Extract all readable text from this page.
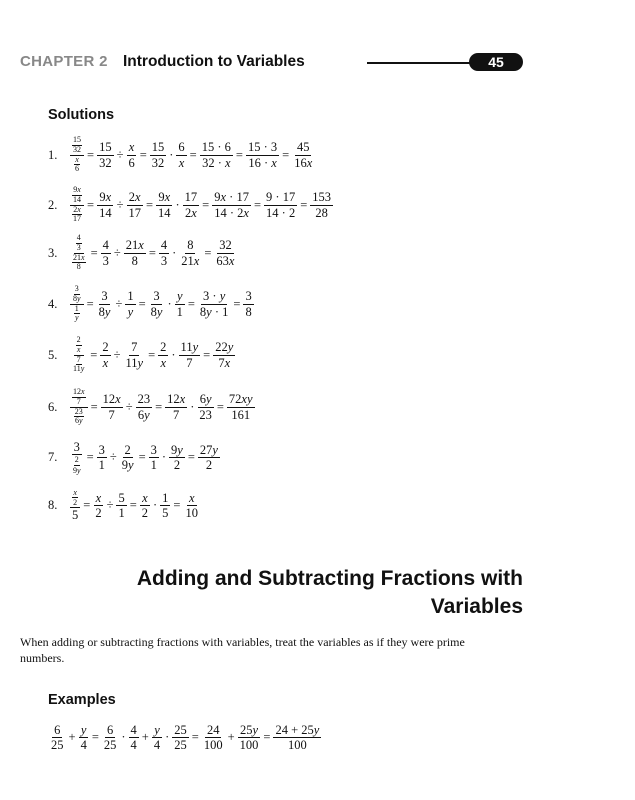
CHAPTER 2 Introduction to Variables	45
Solutions
1.	$\frac{\frac{15}{32}}{\frac{x}{6}} = \frac{15}{32} \div \frac{x}{6} = \frac{15}{32} \cdot \frac{6}{x} = \frac{15 \cdot 6}{32 \cdot x} = \frac{15 \cdot 3}{16 \cdot x} = \frac{45}{16x}$
2.	$\frac{\frac{9x}{14}}{\frac{2x}{17}} = \frac{9x}{14} \div \frac{2x}{17} = \frac{9x}{14} \cdot \frac{17}{2x} = \frac{9x \cdot 17}{14 \cdot 2x} = \frac{9 \cdot 17}{14 \cdot 2} = \frac{153}{28}$
3.	$\frac{\frac{4}{3}}{\frac{21x}{8}} = \frac{4}{3} \div \frac{21x}{8} = \frac{4}{3} \cdot \frac{8}{21x} = \frac{32}{63x}$
4.	$\frac{\frac{3}{8y}}{\frac{1}{y}} = \frac{3}{8y} \div \frac{1}{y} = \frac{3}{8y} \cdot \frac{y}{1} = \frac{3 \cdot y}{8y \cdot 1} = \frac{3}{8}$
5.	$\frac{\frac{2}{x}}{\frac{7}{11y}} = \frac{2}{x} \div \frac{7}{11y} = \frac{2}{x} \cdot \frac{11y}{7} = \frac{22y}{7x}$
6.	$\frac{\frac{12x}{7}}{\frac{23}{6y}} = \frac{12x}{7} \div \frac{23}{6y} = \frac{12x}{7} \cdot \frac{6y}{23} = \frac{72xy}{161}$
7.	$\frac{3}{\frac{2}{9y}} = \frac{3}{1} \div \frac{2}{9y} = \frac{3}{1} \cdot \frac{9y}{2} = \frac{27y}{2}$
8.	$\frac{\frac{x}{2}}{5} = \frac{x}{2} \div \frac{5}{1} = \frac{x}{2} \cdot \frac{1}{5} = \frac{x}{10}$
Adding and Subtracting Fractions with
Variables
When adding or subtracting fractions with variables, treat the variables as if they were prime numbers.
Examples
6
25
+ $\frac{y}{4} = \frac{6}{25}$ ·
4
4
+ $\frac{y}{4} \cdot \frac{25}{25} = \frac{24}{100} + \frac{25y}{100} = \frac{24 + 25y}{100}$
